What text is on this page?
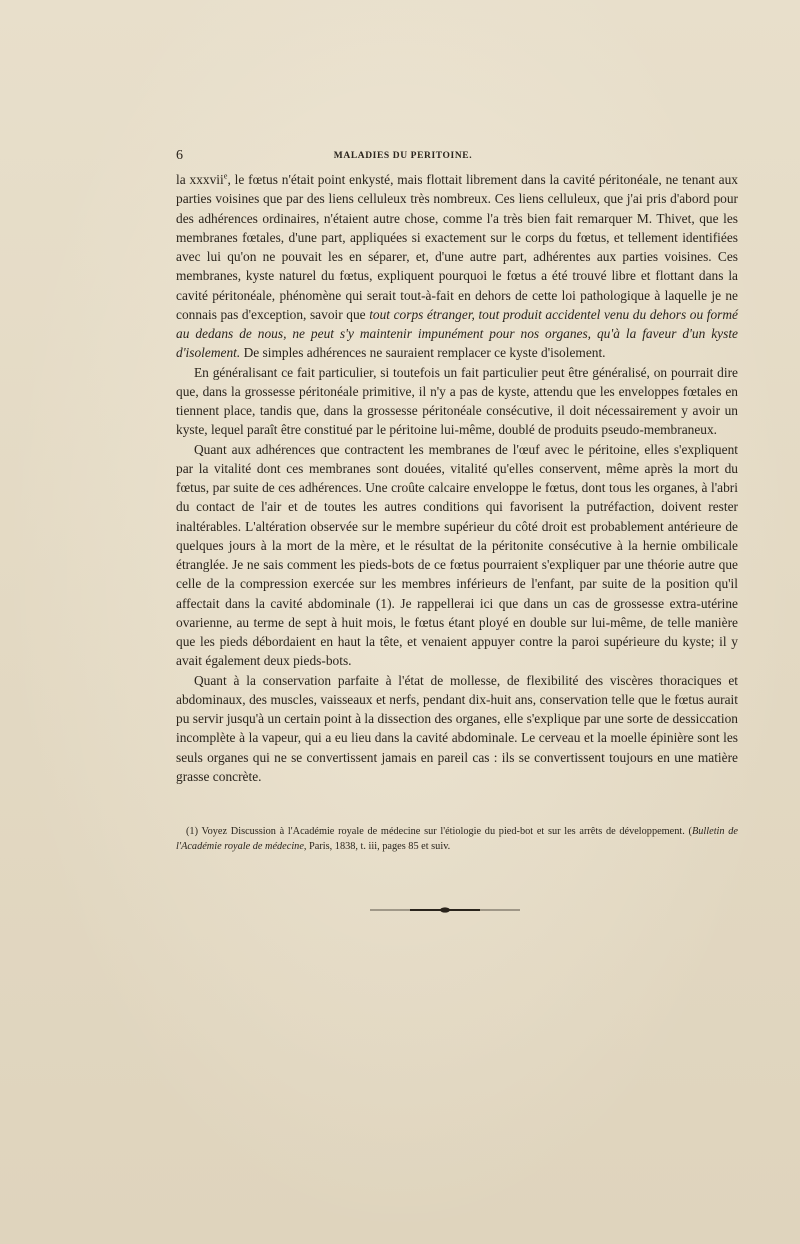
6	MALADIES DU PERITOINE.

la xxxvii$^e$, le fœtus n'était point enkysté, mais flottait librement dans la cavité péritonéale, ne tenant aux parties voisines que par des liens celluleux très nombreux. Ces liens celluleux, que j'ai pris d'abord pour des adhérences ordinaires, n'étaient autre chose, comme l'a très bien fait remarquer M. Thivet, que les membranes fœtales, d'une part, appliquées si exactement sur le corps du fœtus, et tellement identifiées avec lui qu'on ne pouvait les en séparer, et, d'une autre part, adhérentes aux parties voisines. Ces membranes, kyste naturel du fœtus, expliquent pourquoi le fœtus a été trouvé libre et flottant dans la cavité péritonéale, phénomène qui serait tout-à-fait en dehors de cette loi pathologique à laquelle je ne connais pas d'exception, savoir que tout corps étranger, tout produit accidentel venu du dehors ou formé au dedans de nous, ne peut s'y maintenir impunément pour nos organes, qu'à la faveur d'un kyste d'isolement. De simples adhérences ne sauraient remplacer ce kyste d'isolement.

En généralisant ce fait particulier, si toutefois un fait particulier peut être généralisé, on pourrait dire que, dans la grossesse péritonéale primitive, il n'y a pas de kyste, attendu que les enveloppes fœtales en tiennent place, tandis que, dans la grossesse péritonéale consécutive, il doit nécessairement y avoir un kyste, lequel paraît être constitué par le péritoine lui-même, doublé de produits pseudo-membraneux.

Quant aux adhérences que contractent les membranes de l'œuf avec le péritoine, elles s'expliquent par la vitalité dont ces membranes sont douées, vitalité qu'elles conservent, même après la mort du fœtus, par suite de ces adhérences. Une croûte calcaire enveloppe le fœtus, dont tous les organes, à l'abri du contact de l'air et de toutes les autres conditions qui favorisent la putréfaction, doivent rester inaltérables. L'altération observée sur le membre supérieur du côté droit est probablement antérieure de quelques jours à la mort de la mère, et le résultat de la péritonite consécutive à la hernie ombilicale étranglée. Je ne sais comment les pieds-bots de ce fœtus pourraient s'expliquer par une théorie autre que celle de la compression exercée sur les membres inférieurs de l'enfant, par suite de la position qu'il affectait dans la cavité abdominale (1). Je rappellerai ici que dans un cas de grossesse extra-utérine ovarienne, au terme de sept à huit mois, le fœtus étant ployé en double sur lui-même, de telle manière que les pieds débordaient en haut la tête, et venaient appuyer contre la paroi supérieure du kyste; il y avait également deux pieds-bots.

Quant à la conservation parfaite à l'état de mollesse, de flexibilité des viscères thoraciques et abdominaux, des muscles, vaisseaux et nerfs, pendant dix-huit ans, conservation telle que le fœtus aurait pu servir jusqu'à un certain point à la dissection des organes, elle s'explique par une sorte de dessiccation incomplète à la vapeur, qui a eu lieu dans la cavité abdominale. Le cerveau et la moelle épinière sont les seuls organes qui ne se convertissent jamais en pareil cas : ils se convertissent toujours en une matière grasse concrète.

(1) Voyez Discussion à l'Académie royale de médecine sur l'étiologie du pied-bot et sur les arrêts de développement. (Bulletin de l'Académie royale de médecine, Paris, 1838, t. iii, pages 85 et suiv.
